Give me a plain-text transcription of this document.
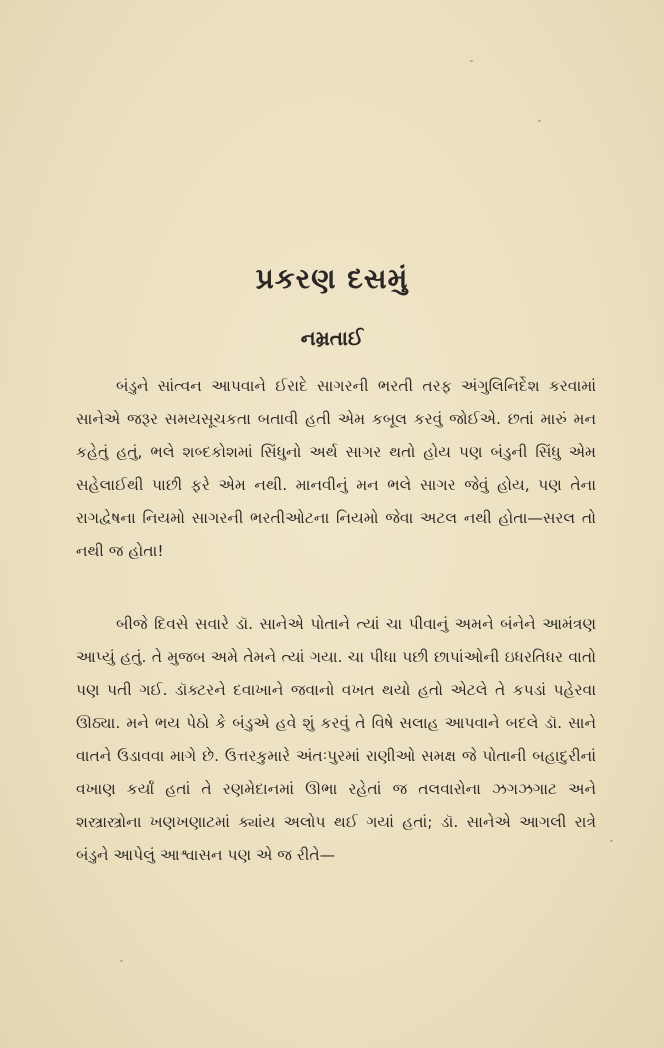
પ્રકરણ દસમું
નમ્રતાઈ

બંડુને સાંત્વન આપવાને ઈરાદે સાગરની ભરતી તરફ અંગુલિનિર્દેશ કરવામાં સાનેએ જરૂર સમયસૂચકતા બતાવી હતી એમ કબૂલ કરવું જોઈએ. છતાં મારું મન કહેતું હતું, ભલે શબ્દકોશમાં સિંધુનો અર્થ સાગર થતો હોય પણ બંડુની સિંધુ એમ સહેલાઈથી પાછી ફરે એમ નથી. માનવીનું મન ભલે સાગર જેવું હોય, પણ તેના રાગદ્વેષના નિયમો સાગરની ભરતીઓટના નિયમો જેવા અટલ નથી હોતા—સરલ તો નથી જ હોતા!

બીજે દિવસે સવારે ડૉ. સાનેએ પોતાને ત્યાં ચા પીવાનું અમને બંનેને આમંત્રણ આપ્યું હતું. તે મુજબ અમે તેમને ત્યાં ગયા. ચા પીધા પછી છાપાંઓની ઇધરતિધર વાતો પણ પતી ગઈ. ડૉક્ટરને દવાખાને જવાનો વખત થયો હતો એટલે તે કપડાં પહેરવા ઊઠ્યા. મને ભય પેઠો કે બંડુએ હવે શું કરવું તે વિષે સલાહ આપવાને બદલે ડૉ. સાને વાતને ઉડાવવા માગે છે. ઉત્તરકુમારે અંતઃપુરમાં રાણીઓ સમક્ષ જે પોતાની બહાદુરીનાં વખાણ કર્યાં હતાં તે રણમેદાનમાં ઊભા રહેતાં જ તલવારોના ઝગઝગાટ અને શસ્ત્રાસ્ત્રોના ખણખણાટમાં ક્યાંય અલોપ થઈ ગયાં હતાં; ડૉ. સાનેએ આગલી રાત્રે બંડુને આપેલું આશ્વાસન પણ એ જ રીતે—
